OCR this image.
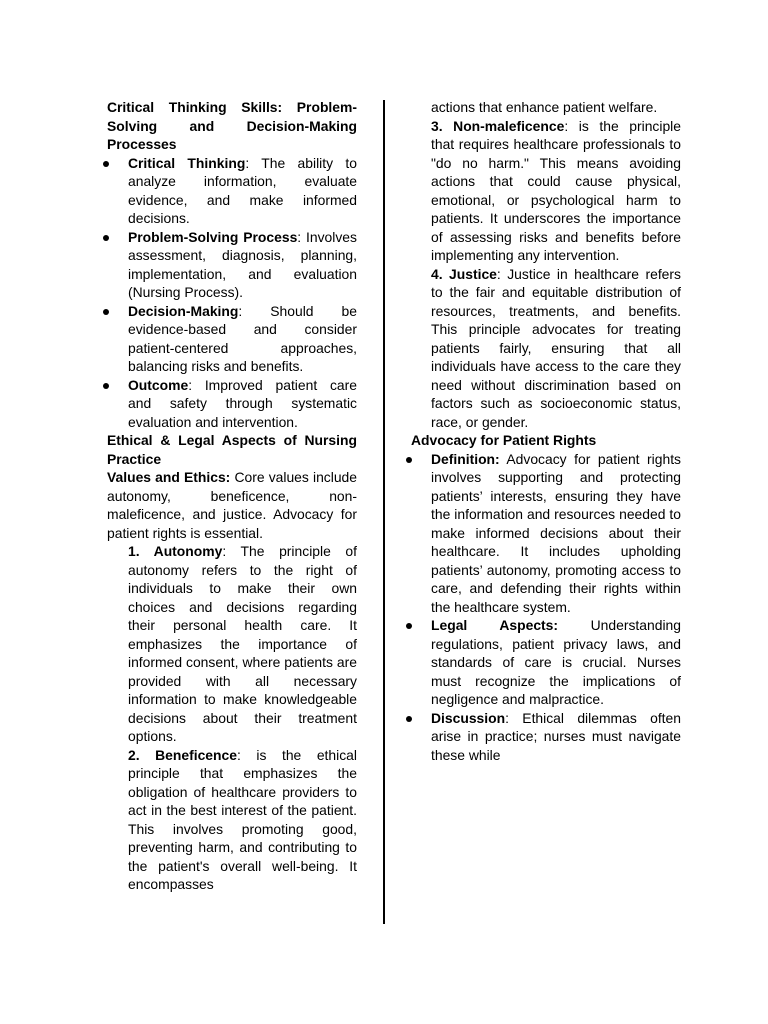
Critical Thinking Skills: Problem-Solving and Decision-Making Processes

Critical Thinking: The ability to analyze information, evaluate evidence, and make informed decisions.
Problem-Solving Process: Involves assessment, diagnosis, planning, implementation, and evaluation (Nursing Process).
Decision-Making: Should be evidence-based and consider patient-centered approaches, balancing risks and benefits.
Outcome: Improved patient care and safety through systematic evaluation and intervention.

Ethical & Legal Aspects of Nursing Practice

Values and Ethics: Core values include autonomy, beneficence, non-maleficence, and justice. Advocacy for patient rights is essential.

1. Autonomy: The principle of autonomy refers to the right of individuals to make their own choices and decisions regarding their personal health care. It emphasizes the importance of informed consent, where patients are provided with all necessary information to make knowledgeable decisions about their treatment options.

2. Beneficence: is the ethical principle that emphasizes the obligation of healthcare providers to act in the best interest of the patient. This involves promoting good, preventing harm, and contributing to the patient's overall well-being. It encompasses

actions that enhance patient welfare.

3. Non-maleficence: is the principle that requires healthcare professionals to "do no harm." This means avoiding actions that could cause physical, emotional, or psychological harm to patients. It underscores the importance of assessing risks and benefits before implementing any intervention.

4. Justice: Justice in healthcare refers to the fair and equitable distribution of resources, treatments, and benefits. This principle advocates for treating patients fairly, ensuring that all individuals have access to the care they need without discrimination based on factors such as socioeconomic status, race, or gender.

Advocacy for Patient Rights

Definition: Advocacy for patient rights involves supporting and protecting patients’ interests, ensuring they have the information and resources needed to make informed decisions about their healthcare. It includes upholding patients’ autonomy, promoting access to care, and defending their rights within the healthcare system.
Legal Aspects: Understanding regulations, patient privacy laws, and standards of care is crucial. Nurses must recognize the implications of negligence and malpractice.
Discussion: Ethical dilemmas often arise in practice; nurses must navigate these while
